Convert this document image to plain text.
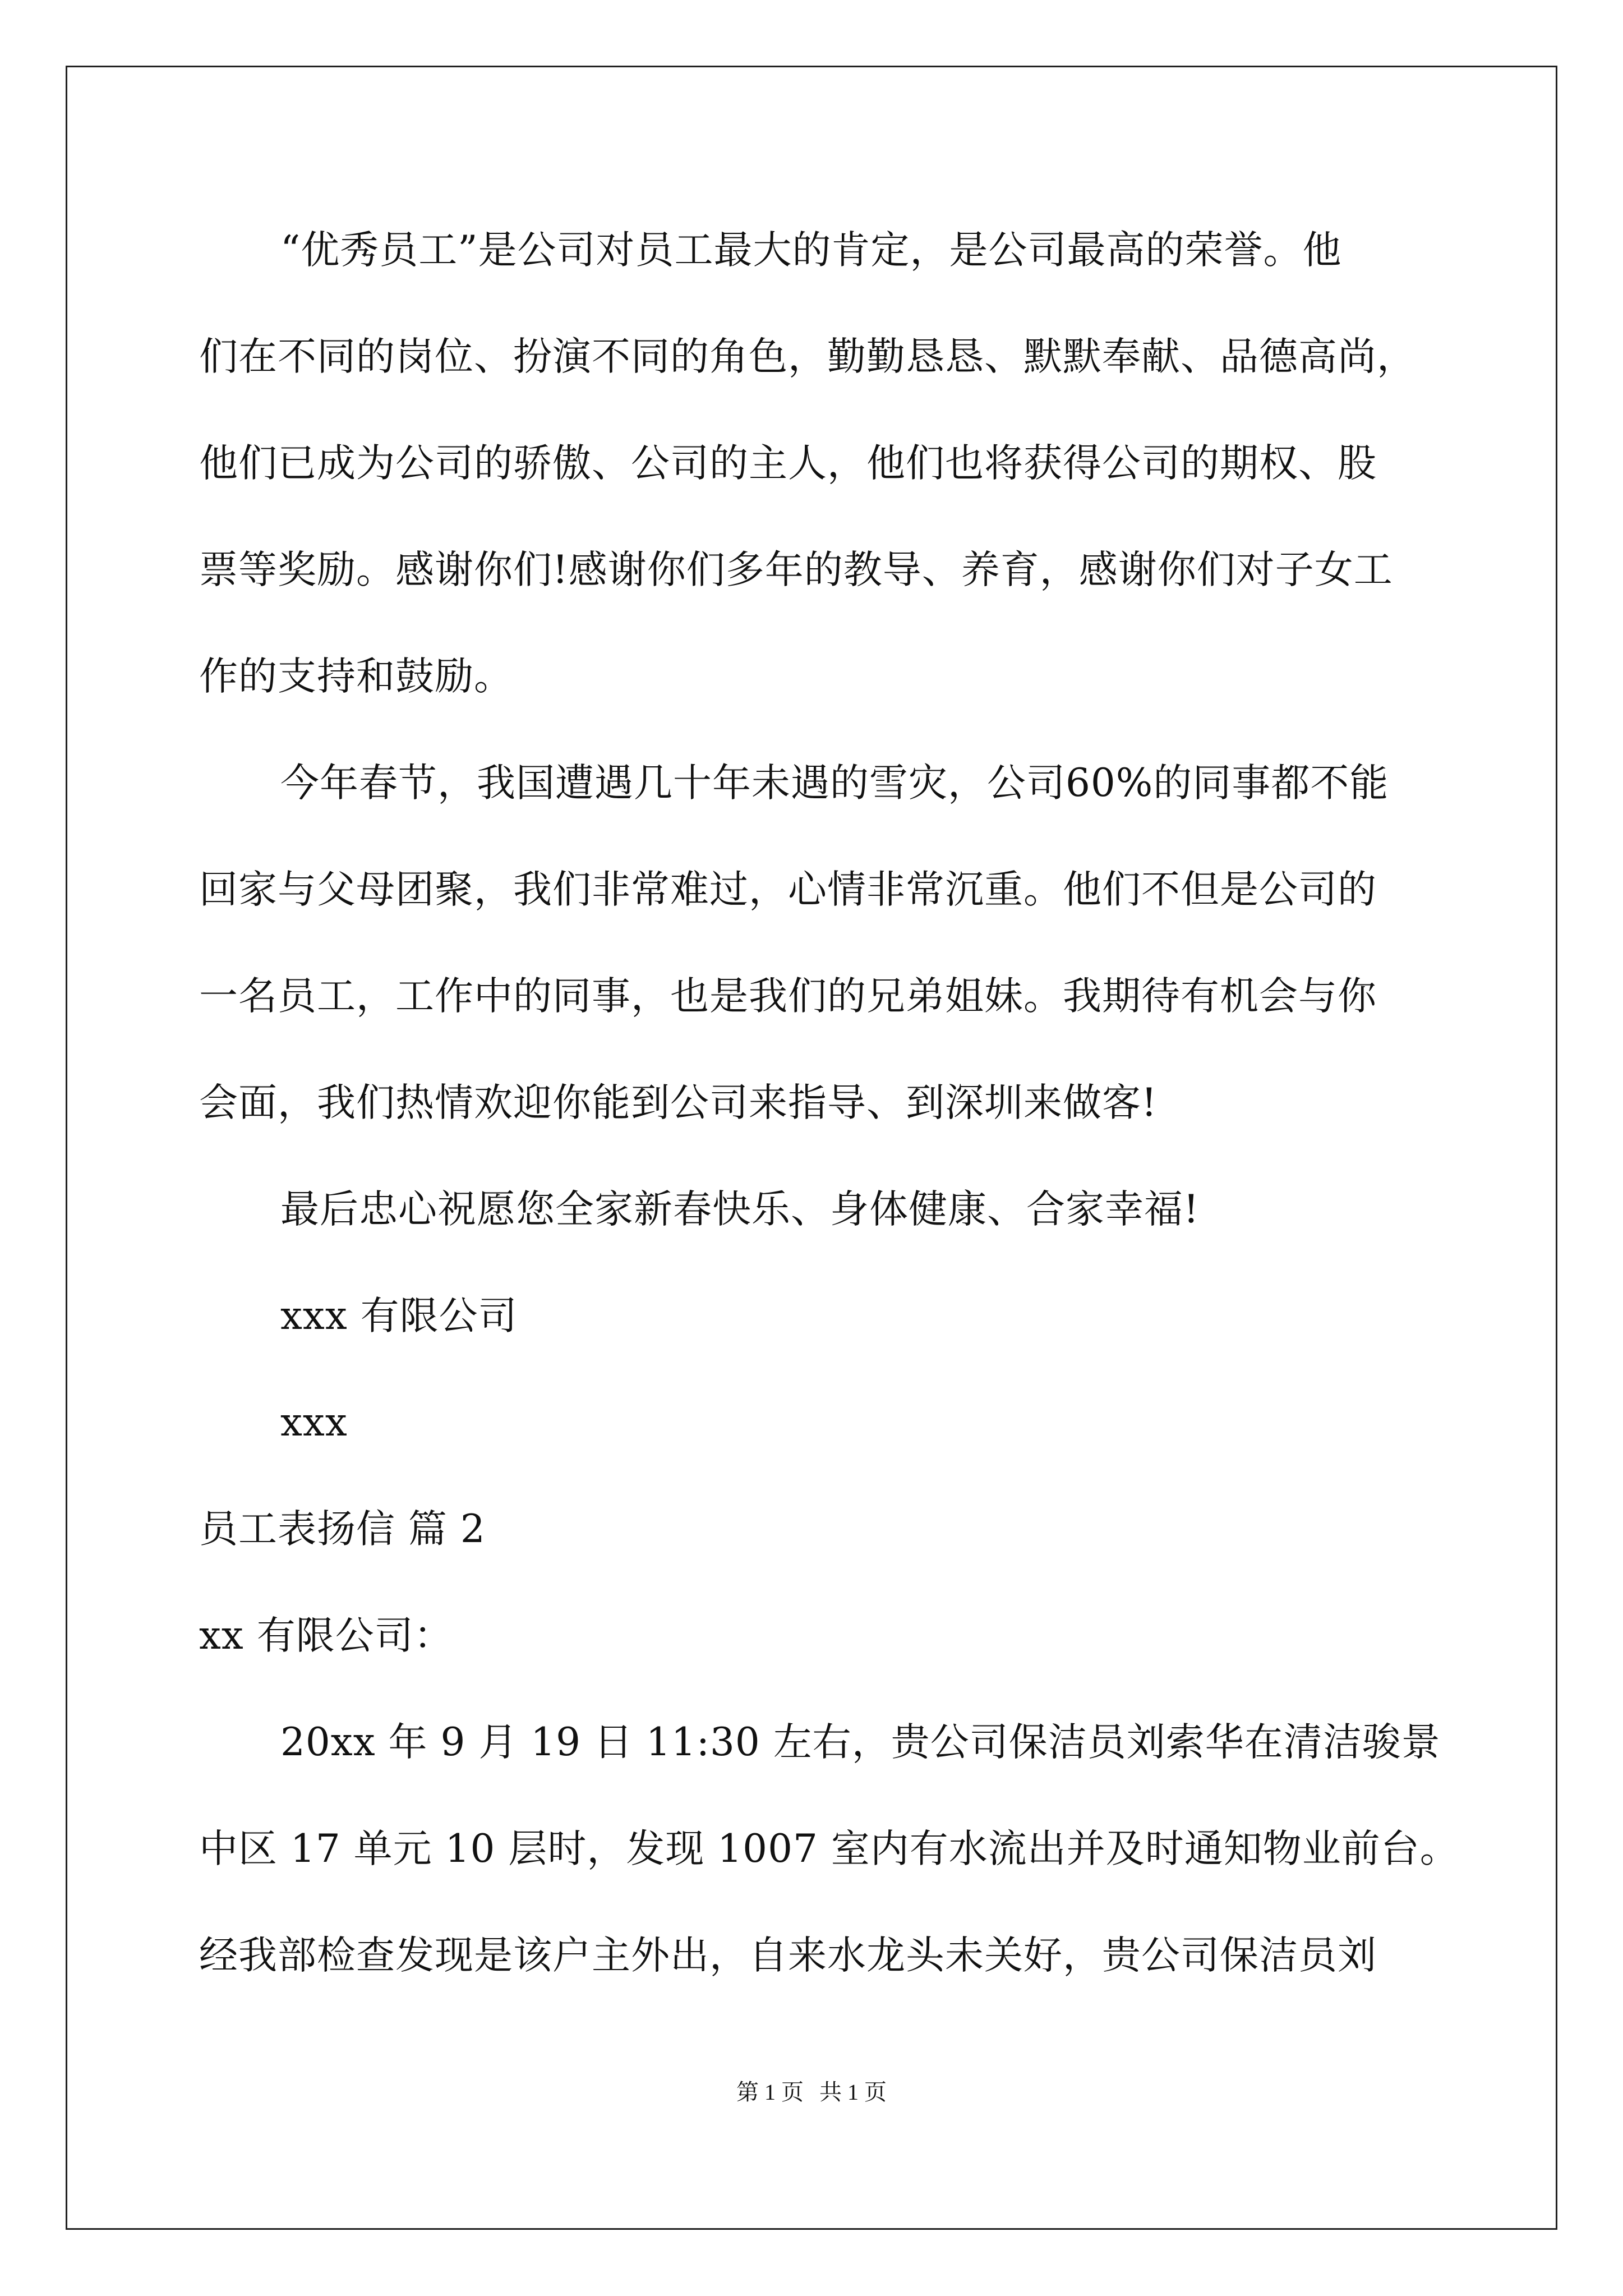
“优秀员工”是公司对员工最大的肯定，是公司最高的荣誉。他
们在不同的岗位、扮演不同的角色，勤勤恳恳、默默奉献、品德高尚，
他们已成为公司的骄傲、公司的主人，他们也将获得公司的期权、股
票等奖励。感谢你们!感谢你们多年的教导、养育，感谢你们对子女工
作的支持和鼓励。
今年春节，我国遭遇几十年未遇的雪灾，公司60%的同事都不能
回家与父母团聚，我们非常难过，心情非常沉重。他们不但是公司的
一名员工，工作中的同事，也是我们的兄弟姐妹。我期待有机会与你
会面，我们热情欢迎你能到公司来指导、到深圳来做客!
最后忠心祝愿您全家新春快乐、身体健康、合家幸福!
xxx 有限公司
xxx
员工表扬信 篇 2
xx 有限公司：
20xx 年 9 月 19 日 11:30 左右，贵公司保洁员刘索华在清洁骏景
中区 17 单元 10 层时，发现 1007 室内有水流出并及时通知物业前台。
经我部检查发现是该户主外出，自来水龙头未关好，贵公司保洁员刘
第 1 页 共 1 页
